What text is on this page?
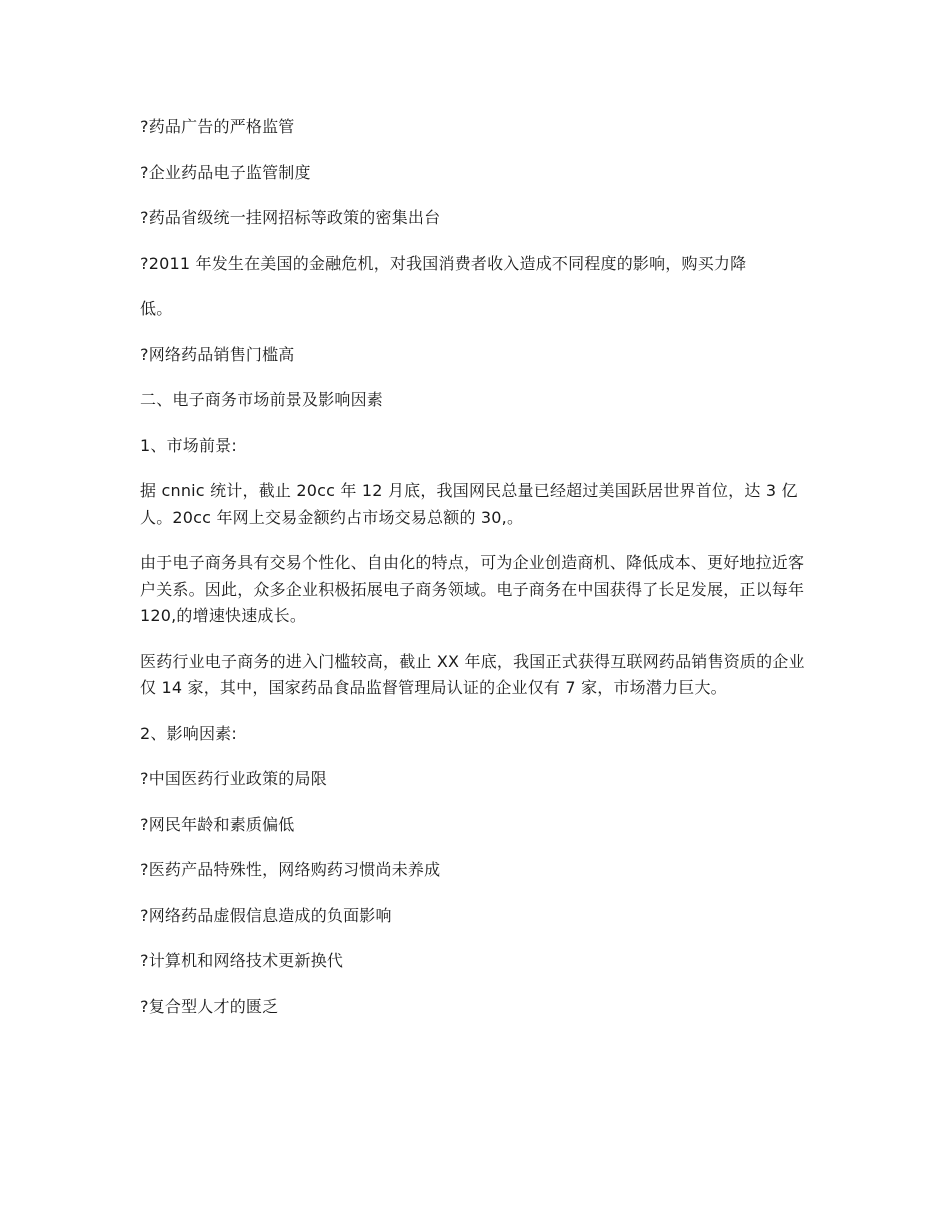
?药品广告的严格监管

?企业药品电子监管制度

?药品省级统一挂网招标等政策的密集出台

?2011 年发生在美国的金融危机，对我国消费者收入造成不同程度的影响，购买力降

低。

?网络药品销售门槛高

二、电子商务市场前景及影响因素

1、市场前景:

据 cnnic 统计，截止 20cc 年 12 月底，我国网民总量已经超过美国跃居世界首位，达 3 亿人。20cc 年网上交易金额约占市场交易总额的 30,。

由于电子商务具有交易个性化、自由化的特点，可为企业创造商机、降低成本、更好地拉近客户关系。因此，众多企业积极拓展电子商务领域。电子商务在中国获得了长足发展，正以每年 120,的增速快速成长。

医药行业电子商务的进入门槛较高，截止 XX 年底，我国正式获得互联网药品销售资质的企业仅 14 家，其中，国家药品食品监督管理局认证的企业仅有 7 家，市场潜力巨大。

2、影响因素:

?中国医药行业政策的局限

?网民年龄和素质偏低

?医药产品特殊性，网络购药习惯尚未养成

?网络药品虚假信息造成的负面影响

?计算机和网络技术更新换代

?复合型人才的匮乏
